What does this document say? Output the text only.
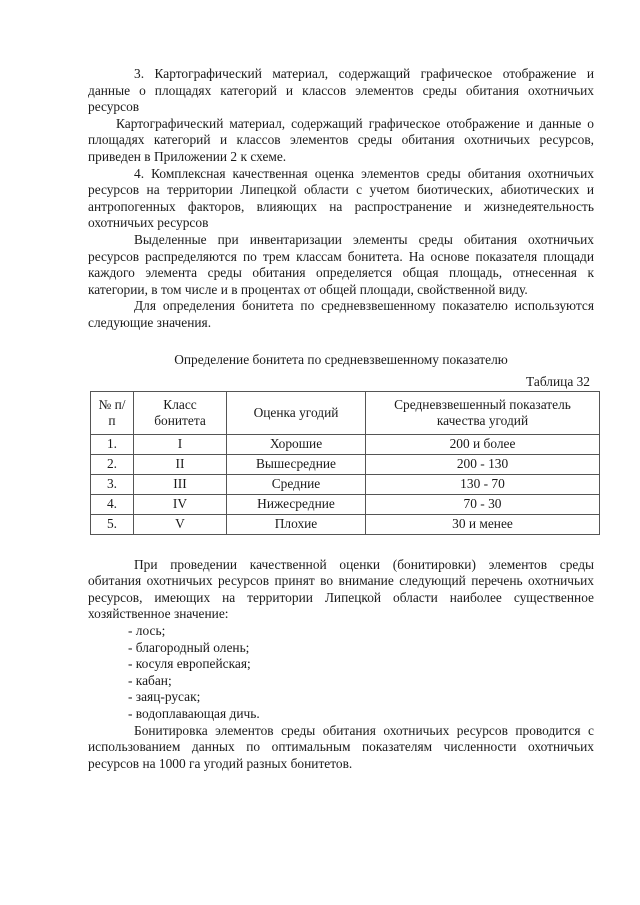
3. Картографический материал, содержащий графическое отображение и данные о площадях категорий и классов элементов среды обитания охотничьих ресурсов

Картографический материал, содержащий графическое отображение и данные о площадях категорий и классов элементов среды обитания охотничьих ресурсов, приведен в Приложении 2 к схеме.

4. Комплексная качественная оценка элементов среды обитания охотничьих ресурсов на территории Липецкой области с учетом биотических, абиотических и антропогенных факторов, влияющих на распространение и жизнедеятельность охотничьих ресурсов

Выделенные при инвентаризации элементы среды обитания охотничьих ресурсов распределяются по трем классам бонитета. На основе показателя площади каждого элемента среды обитания определяется общая площадь, отнесенная к категории, в том числе и в процентах от общей площади, свойственной виду.

Для определения бонитета по средневзвешенному показателю используются следующие значения.

Определение бонитета по средневзвешенному показателю

Таблица 32

№ п/п	Класс бонитета	Оценка угодий	Средневзвешенный показатель качества угодий
1.	I	Хорошие	200 и более
2.	II	Вышесредние	200 - 130
3.	III	Средние	130 - 70
4.	IV	Нижесредние	70 - 30
5.	V	Плохие	30 и менее

При проведении качественной оценки (бонитировки) элементов среды обитания охотничьих ресурсов принят во внимание следующий перечень охотничьих ресурсов, имеющих на территории Липецкой области наиболее существенное хозяйственное значение:

- лось;
- благородный олень;
- косуля европейская;
- кабан;
- заяц-русак;
- водоплавающая дичь.

Бонитировка элементов среды обитания охотничьих ресурсов проводится с использованием данных по оптимальным показателям численности охотничьих ресурсов на 1000 га угодий разных бонитетов.
